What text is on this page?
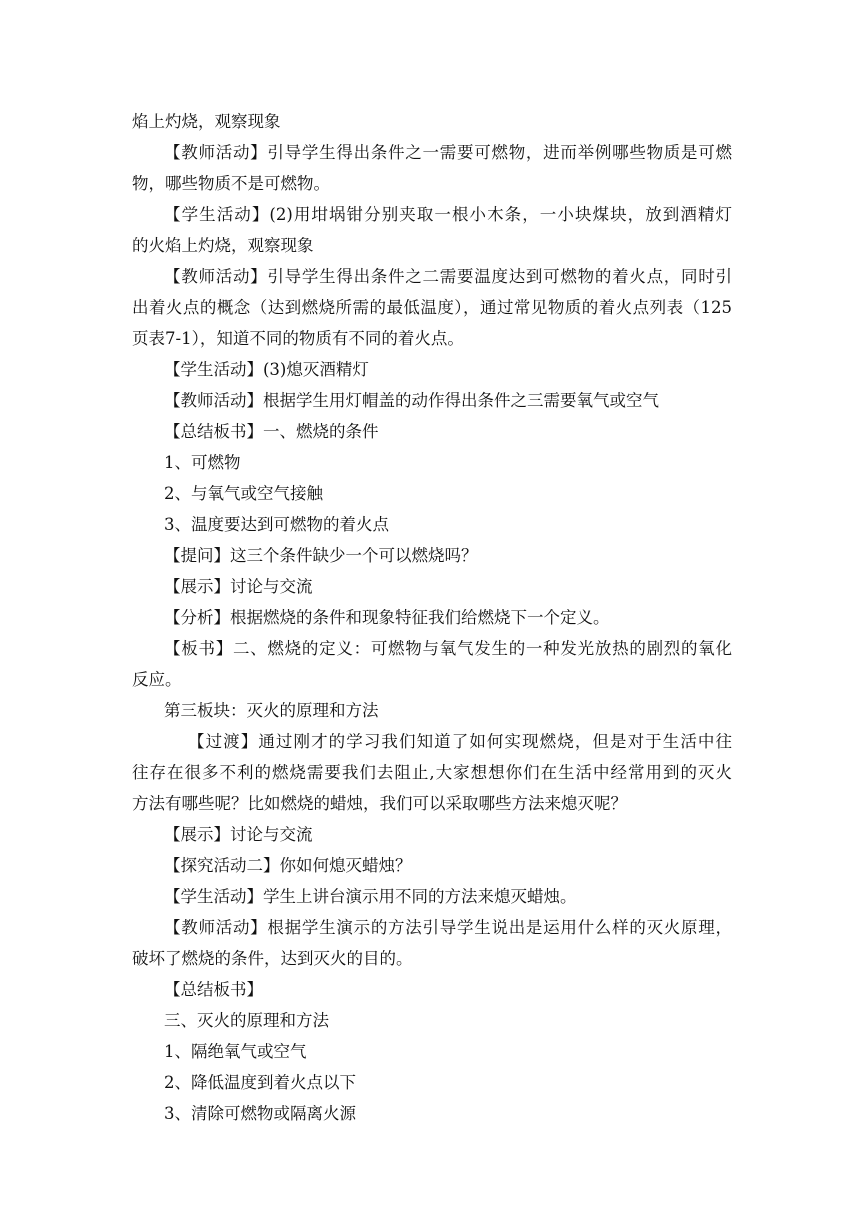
焰上灼烧，观察现象
【教师活动】引导学生得出条件之一需要可燃物，进而举例哪些物质是可燃
物，哪些物质不是可燃物。
【学生活动】(2)用坩埚钳分别夹取一根小木条，一小块煤块，放到酒精灯
的火焰上灼烧，观察现象
【教师活动】引导学生得出条件之二需要温度达到可燃物的着火点，同时引
出着火点的概念（达到燃烧所需的最低温度），通过常见物质的着火点列表（125
页表7-1），知道不同的物质有不同的着火点。
【学生活动】(3)熄灭酒精灯
【教师活动】根据学生用灯帽盖的动作得出条件之三需要氧气或空气
【总结板书】一、燃烧的条件
1、可燃物
2、与氧气或空气接触
3、温度要达到可燃物的着火点
【提问】这三个条件缺少一个可以燃烧吗？
【展示】讨论与交流
【分析】根据燃烧的条件和现象特征我们给燃烧下一个定义。
【板书】二、燃烧的定义：可燃物与氧气发生的一种发光放热的剧烈的氧化
反应。
第三板块：灭火的原理和方法
【过渡】通过刚才的学习我们知道了如何实现燃烧，但是对于生活中往
往存在很多不利的燃烧需要我们去阻止,大家想想你们在生活中经常用到的灭火
方法有哪些呢？比如燃烧的蜡烛，我们可以采取哪些方法来熄灭呢？
【展示】讨论与交流
【探究活动二】你如何熄灭蜡烛？
【学生活动】学生上讲台演示用不同的方法来熄灭蜡烛。
【教师活动】根据学生演示的方法引导学生说出是运用什么样的灭火原理，
破坏了燃烧的条件，达到灭火的目的。
【总结板书】
三、灭火的原理和方法
1、隔绝氧气或空气
2、降低温度到着火点以下
3、清除可燃物或隔离火源
